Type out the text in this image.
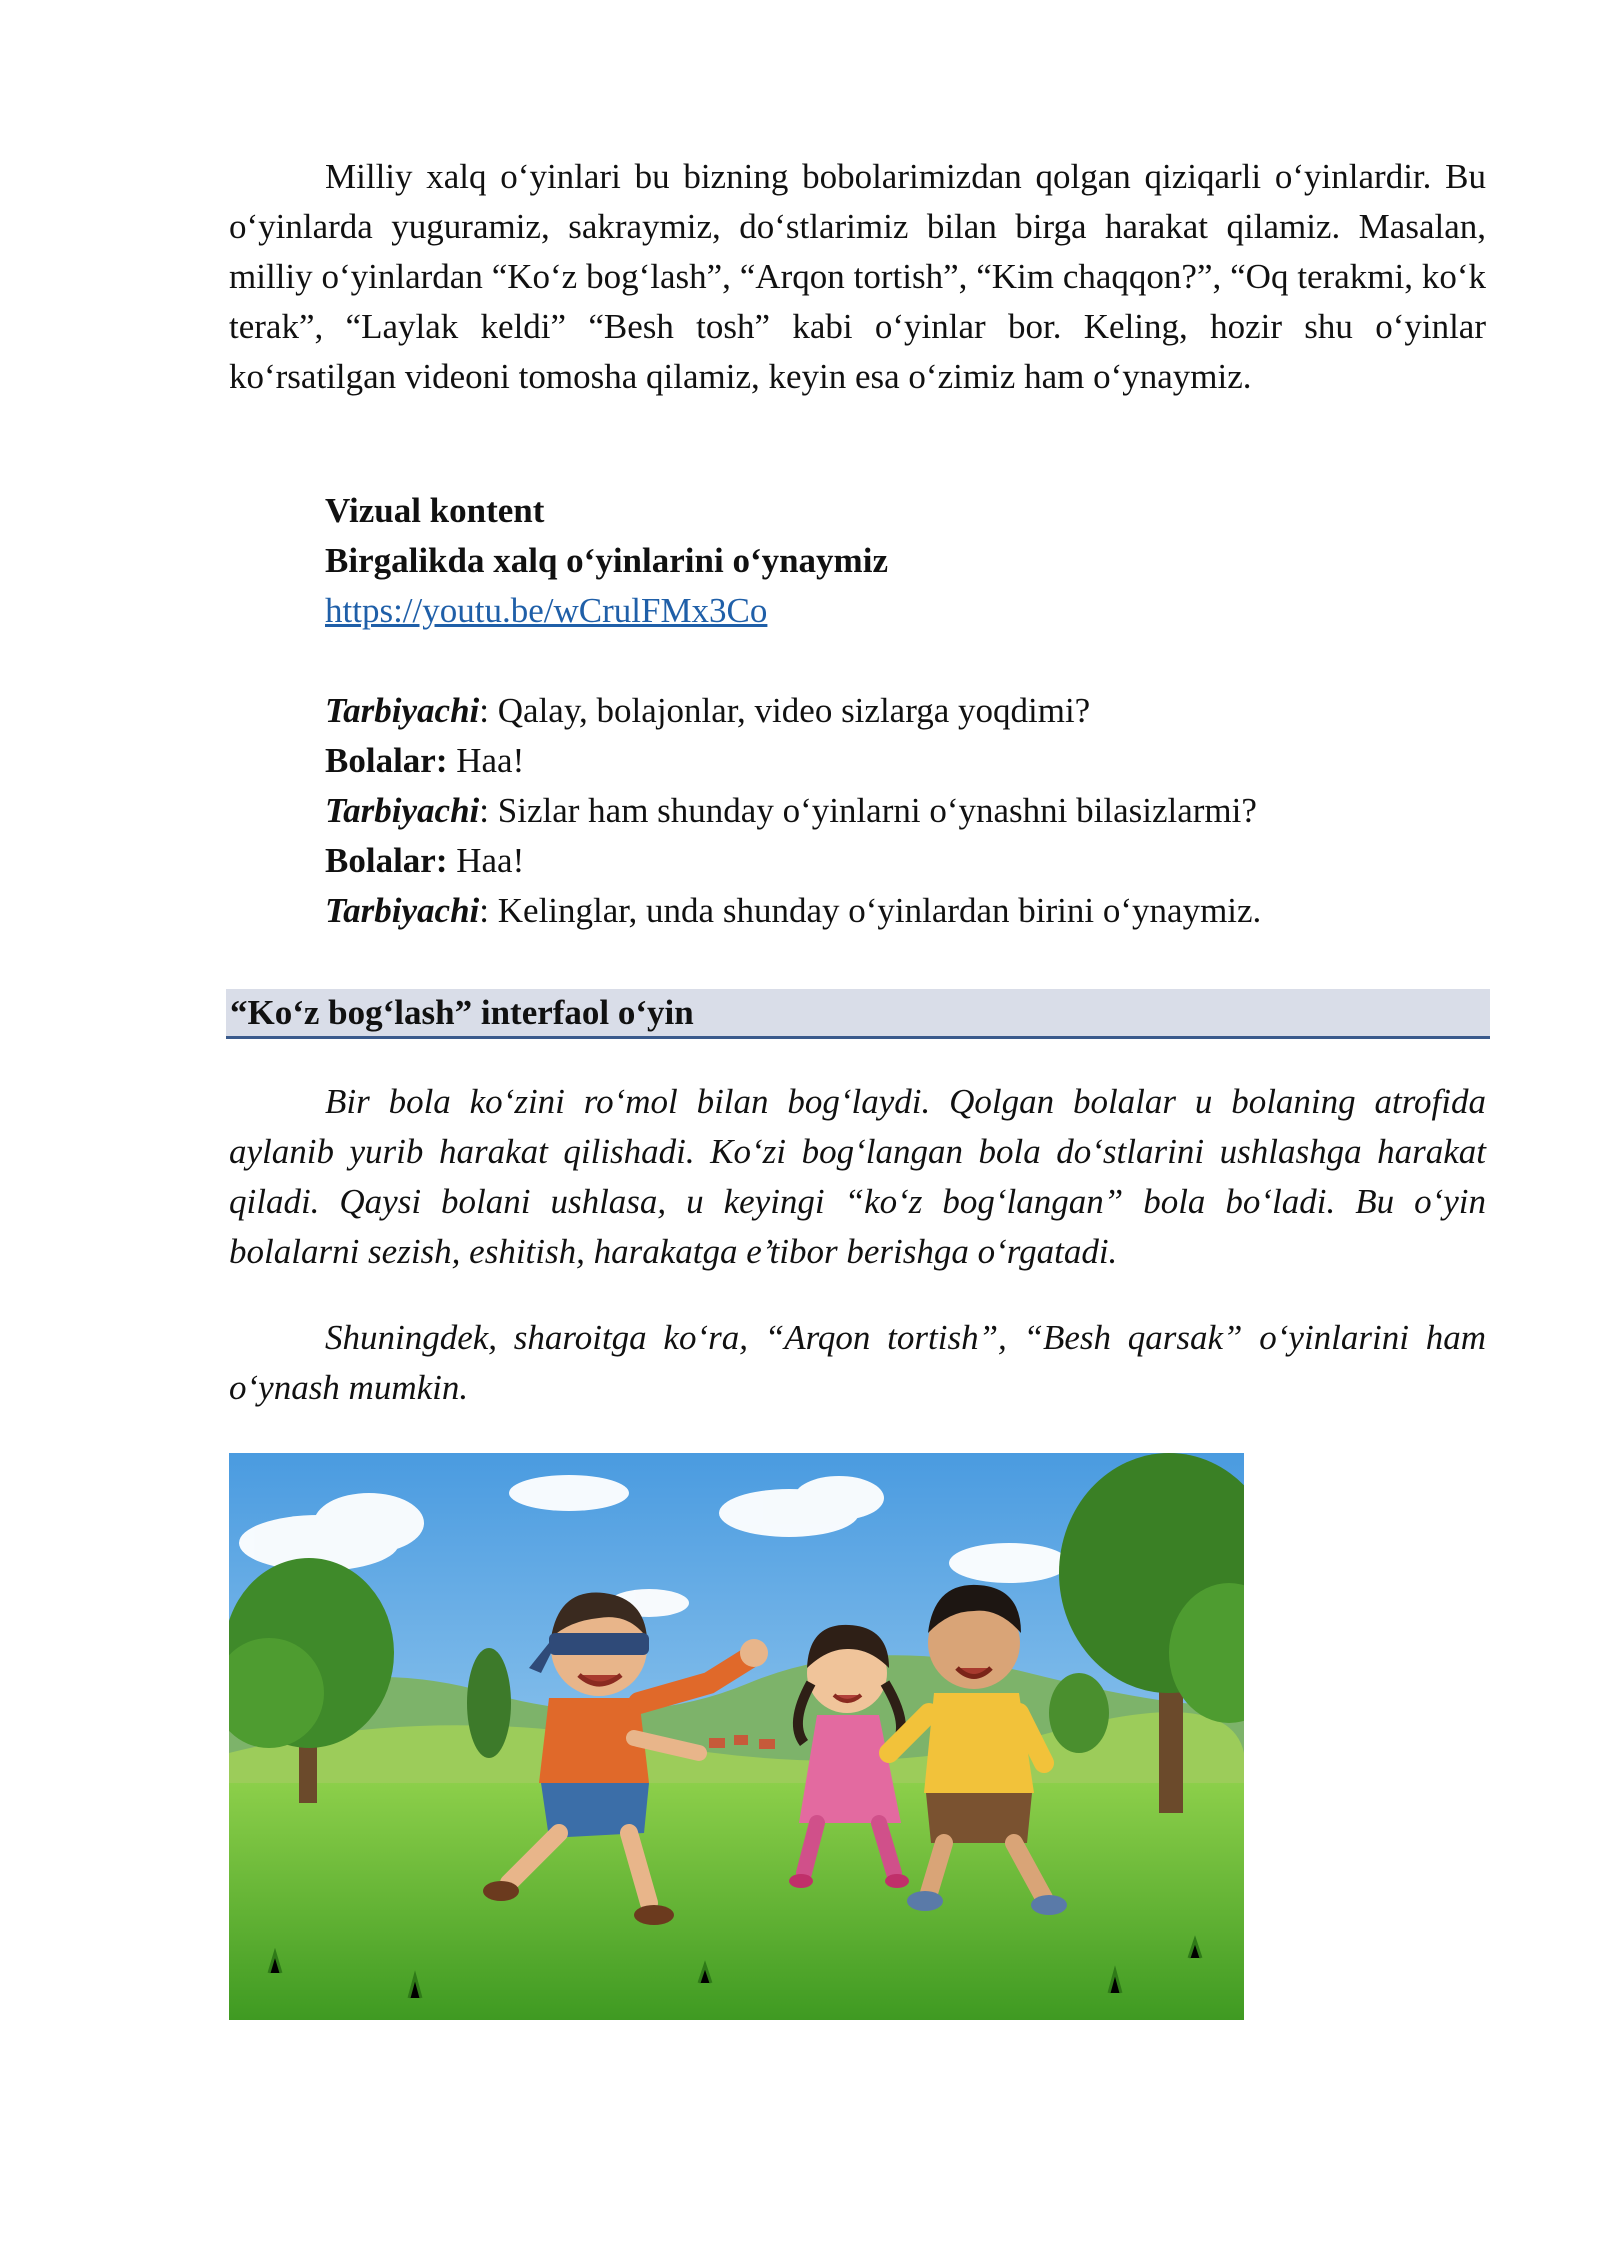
Milliy xalq o‘yinlari bu bizning bobolarimizdan qolgan qiziqarli o‘yinlardir. Bu o‘yinlarda yuguramiz, sakraymiz, do‘stlarimiz bilan birga harakat qilamiz. Masalan, milliy o‘yinlardan “Ko‘z bog‘lash”, “Arqon tortish”, “Kim chaqqon?”, “Oq terakmi, ko‘k terak”, “Laylak keldi” “Besh tosh” kabi o‘yinlar bor. Keling, hozir shu o‘yinlar ko‘rsatilgan videoni tomosha qilamiz, keyin esa o‘zimiz ham o‘ynaymiz.

Vizual kontent
Birgalikda xalq o‘yinlarini o‘ynaymiz
https://youtu.be/wCrulFMx3Co
Tarbiyachi: Qalay, bolajonlar, video sizlarga yoqdimi?
Bolalar: Haa!
Tarbiyachi: Sizlar ham shunday o‘yinlarni o‘ynashni bilasizlarmi?
Bolalar: Haa!
Tarbiyachi: Kelinglar, unda shunday o‘yinlardan birini o‘ynaymiz.
“Ko‘z bog‘lash” interfaol o‘yin

Bir bola ko‘zini ro‘mol bilan bog‘laydi. Qolgan bolalar u bolaning atrofida aylanib yurib harakat qilishadi. Ko‘zi bog‘langan bola do‘stlarini ushlashga harakat qiladi. Qaysi bolani ushlasa, u keyingi “ko‘z bog‘langan” bola bo‘ladi. Bu o‘yin bolalarni sezish, eshitish, harakatga e’tibor berishga o‘rgatadi.

Shuningdek, sharoitga ko‘ra, “Arqon tortish”, “Besh qarsak” o‘yinlarini ham o‘ynash mumkin.
